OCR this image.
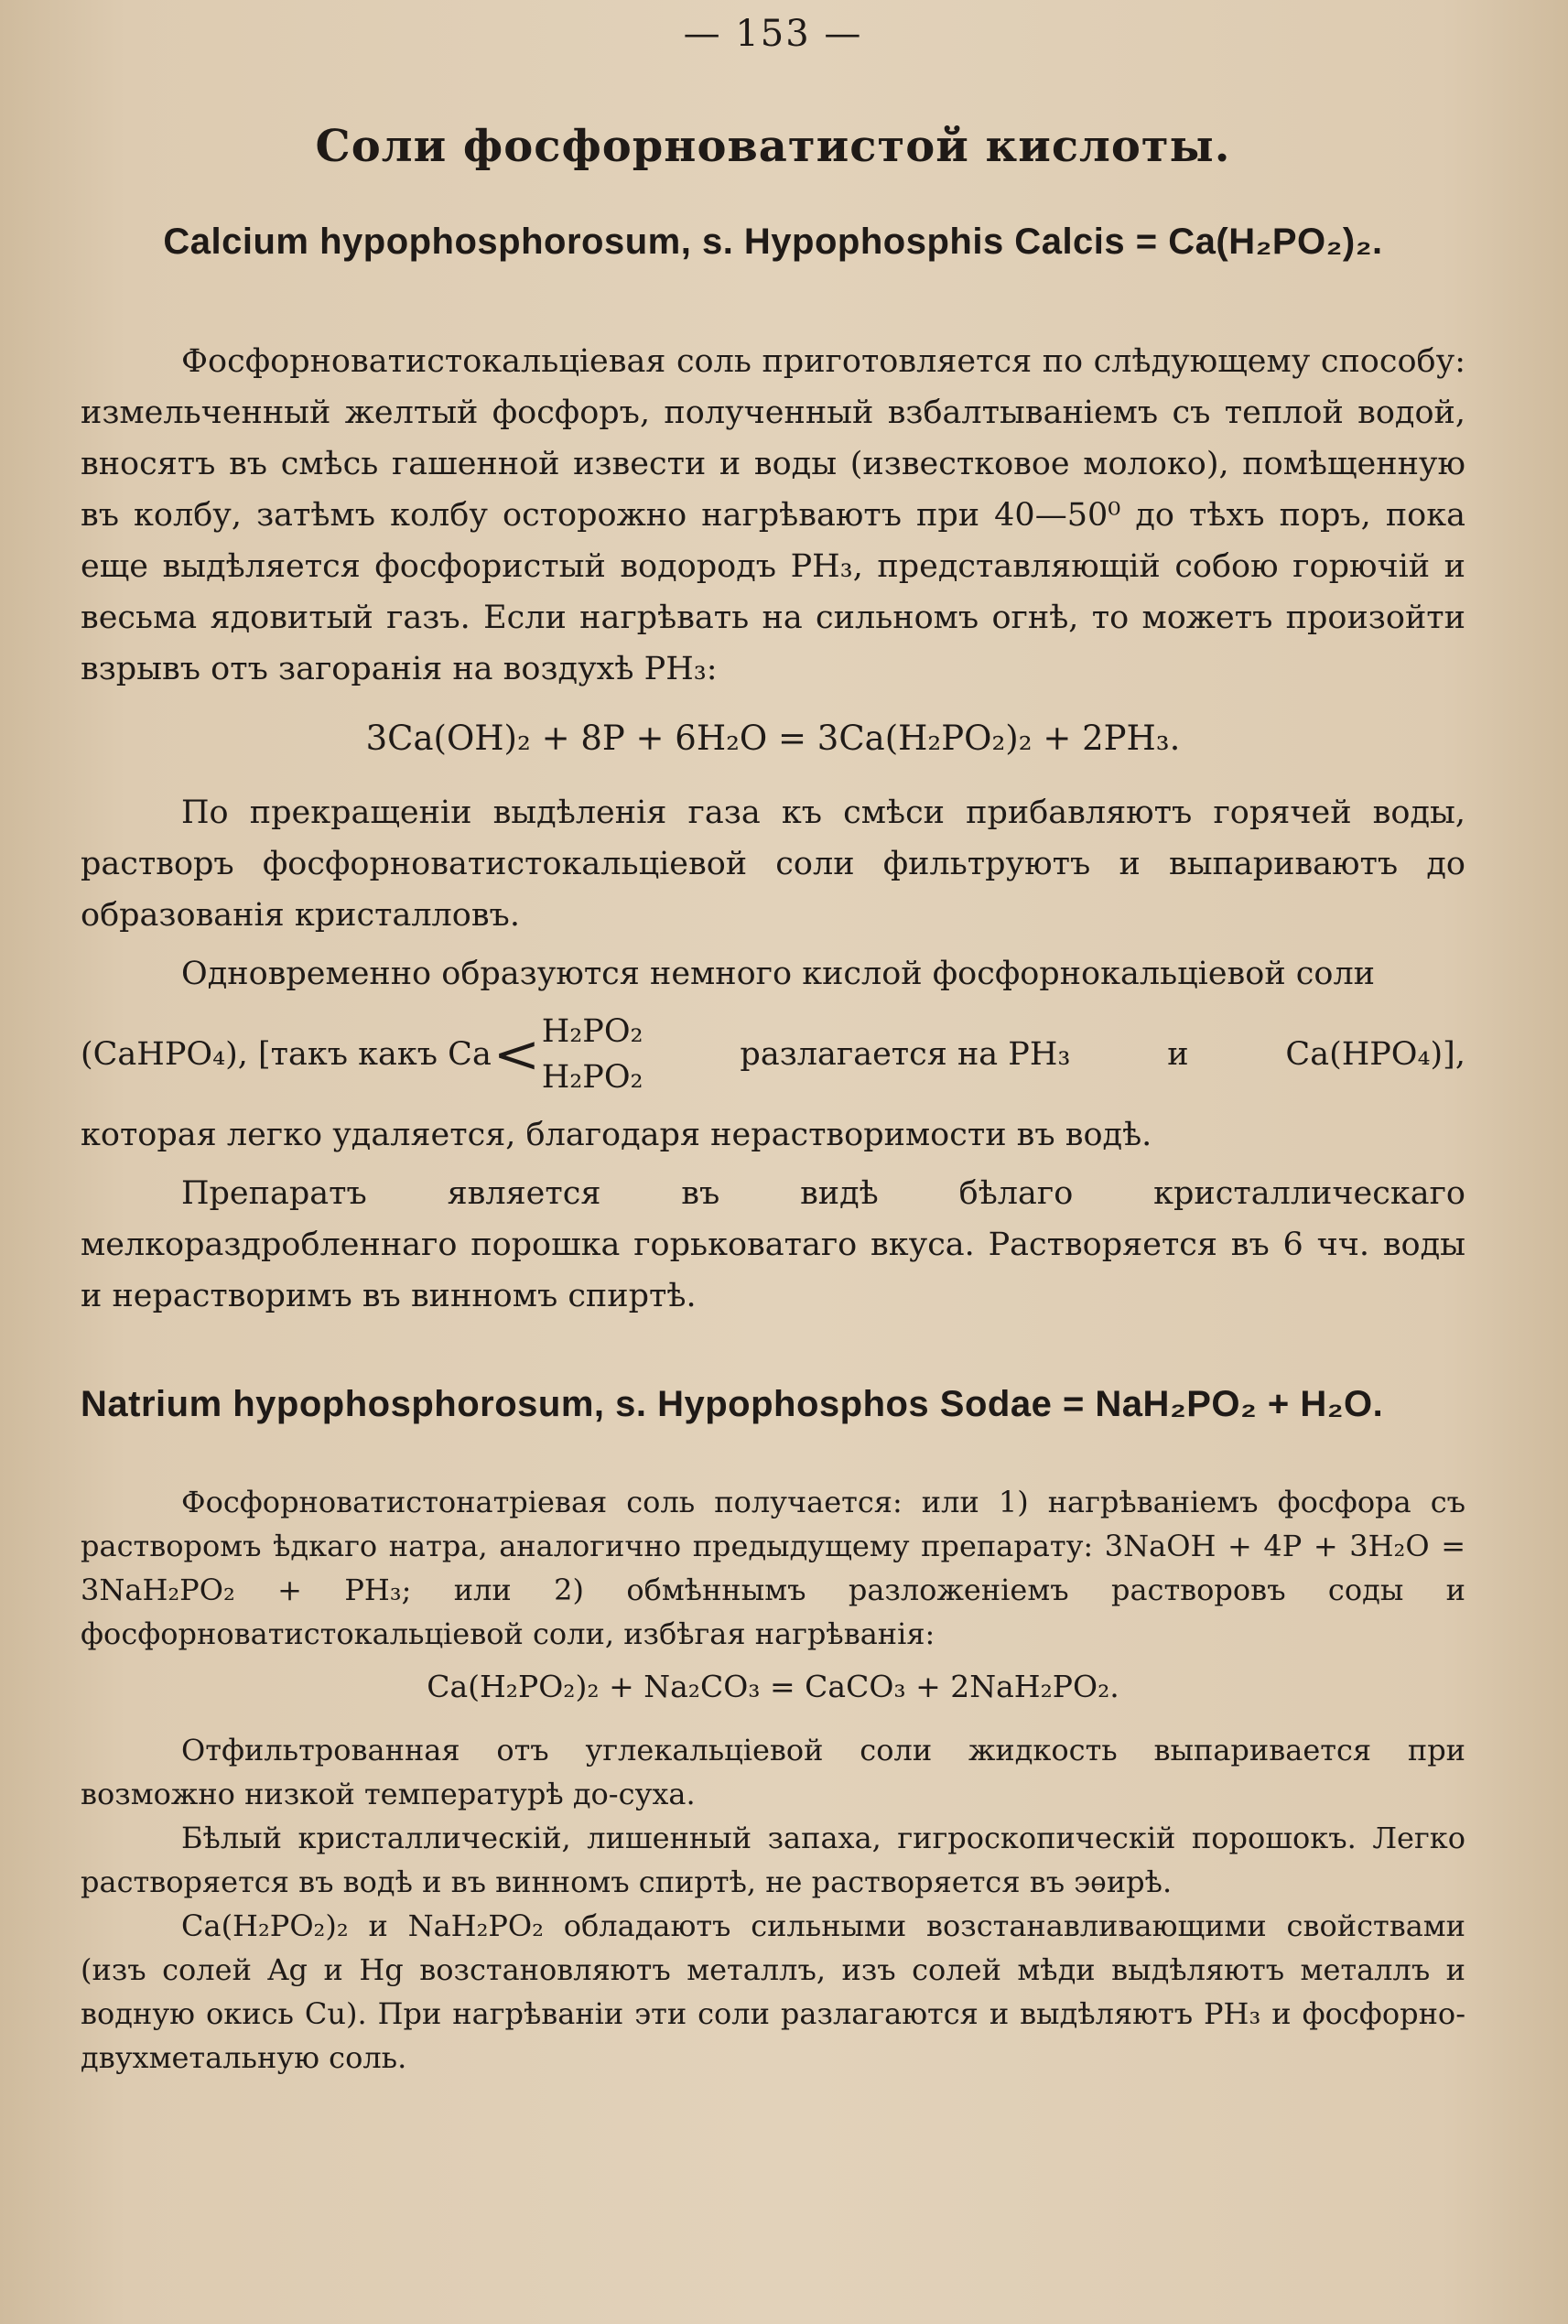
— 153 —
Соли фосфорноватистой кислоты.
Calcium hypophosphorosum, s. Hypophosphis Calcis = Ca(H₂PO₂)₂.

Фосфорноватистокальцiевая соль приготовляется по слѣдующему способу: измельченный желтый фосфоръ, полученный взбалтыванiемъ съ теплой водой, вносятъ въ смѣсь гашенной извести и воды (известковое молоко), помѣщенную въ колбу, затѣмъ колбу осторожно нагрѣваютъ при 40—50⁰ до тѣхъ поръ, пока еще выдѣляется фосфористый водородъ PH₃, представляющiй собою горючiй и весьма ядовитый газъ. Если нагрѣвать на сильномъ огнѣ, то можетъ произойти взрывъ отъ загоранiя на воздухѣ PH₃:

3Ca(OH)₂ + 8P + 6H₂O = 3Ca(H₂PO₂)₂ + 2PH₃.

По прекращенiи выдѣленiя газа къ смѣси прибавляютъ горячей воды, растворъ фосфорноватистокальцiевой соли фильтруютъ и выпариваютъ до образованiя кристалловъ.

Одновременно образуются немного кислой фосфорнокальцiевой соли

(CaHPO₄), [такъ какъ Ca < H₂PO₂
H₂PO₂
разлагается на PH₃	и	Ca(HPO₄)],

которая легко удаляется, благодаря нерастворимости въ водѣ.

Препаратъ является въ видѣ бѣлаго кристаллическаго мелкораздробленнаго порошка горьковатаго вкуса. Растворяется въ 6 чч. воды и нерастворимъ въ винномъ спиртѣ.

Natrium hypophosphorosum, s. Hypophosphos Sodae = NaH₂PO₂ + H₂O.

Фосфорноватистонатрiевая соль получается: или 1) нагрѣванiемъ фосфора съ растворомъ ѣдкаго натра, аналогично предыдущему препарату: 3NaOH + 4P + 3H₂O = 3NaH₂PO₂ + PH₃; или 2) обмѣннымъ разложенiемъ растворовъ соды и фосфорноватистокальцiевой соли, избѣгая нагрѣванiя:

Ca(H₂PO₂)₂ + Na₂CO₃ = CaCO₃ + 2NaH₂PO₂.

Отфильтрованная отъ углекальцiевой соли жидкость выпаривается при возможно низкой температурѣ до-суха.

Бѣлый кристаллическiй, лишенный запаха, гигроскопическiй порошокъ. Легко растворяется въ водѣ и въ винномъ спиртѣ, не растворяется въ эѳирѣ.

Ca(H₂PO₂)₂ и NaH₂PO₂ обладаютъ сильными возстанавливающими свойствами (изъ солей Ag и Hg возстановляютъ металлъ, изъ солей мѣди выдѣляютъ металлъ и водную окись Cu). При нагрѣванiи эти соли разлагаются и выдѣляютъ PH₃ и фосфорно-двухметальную соль.
